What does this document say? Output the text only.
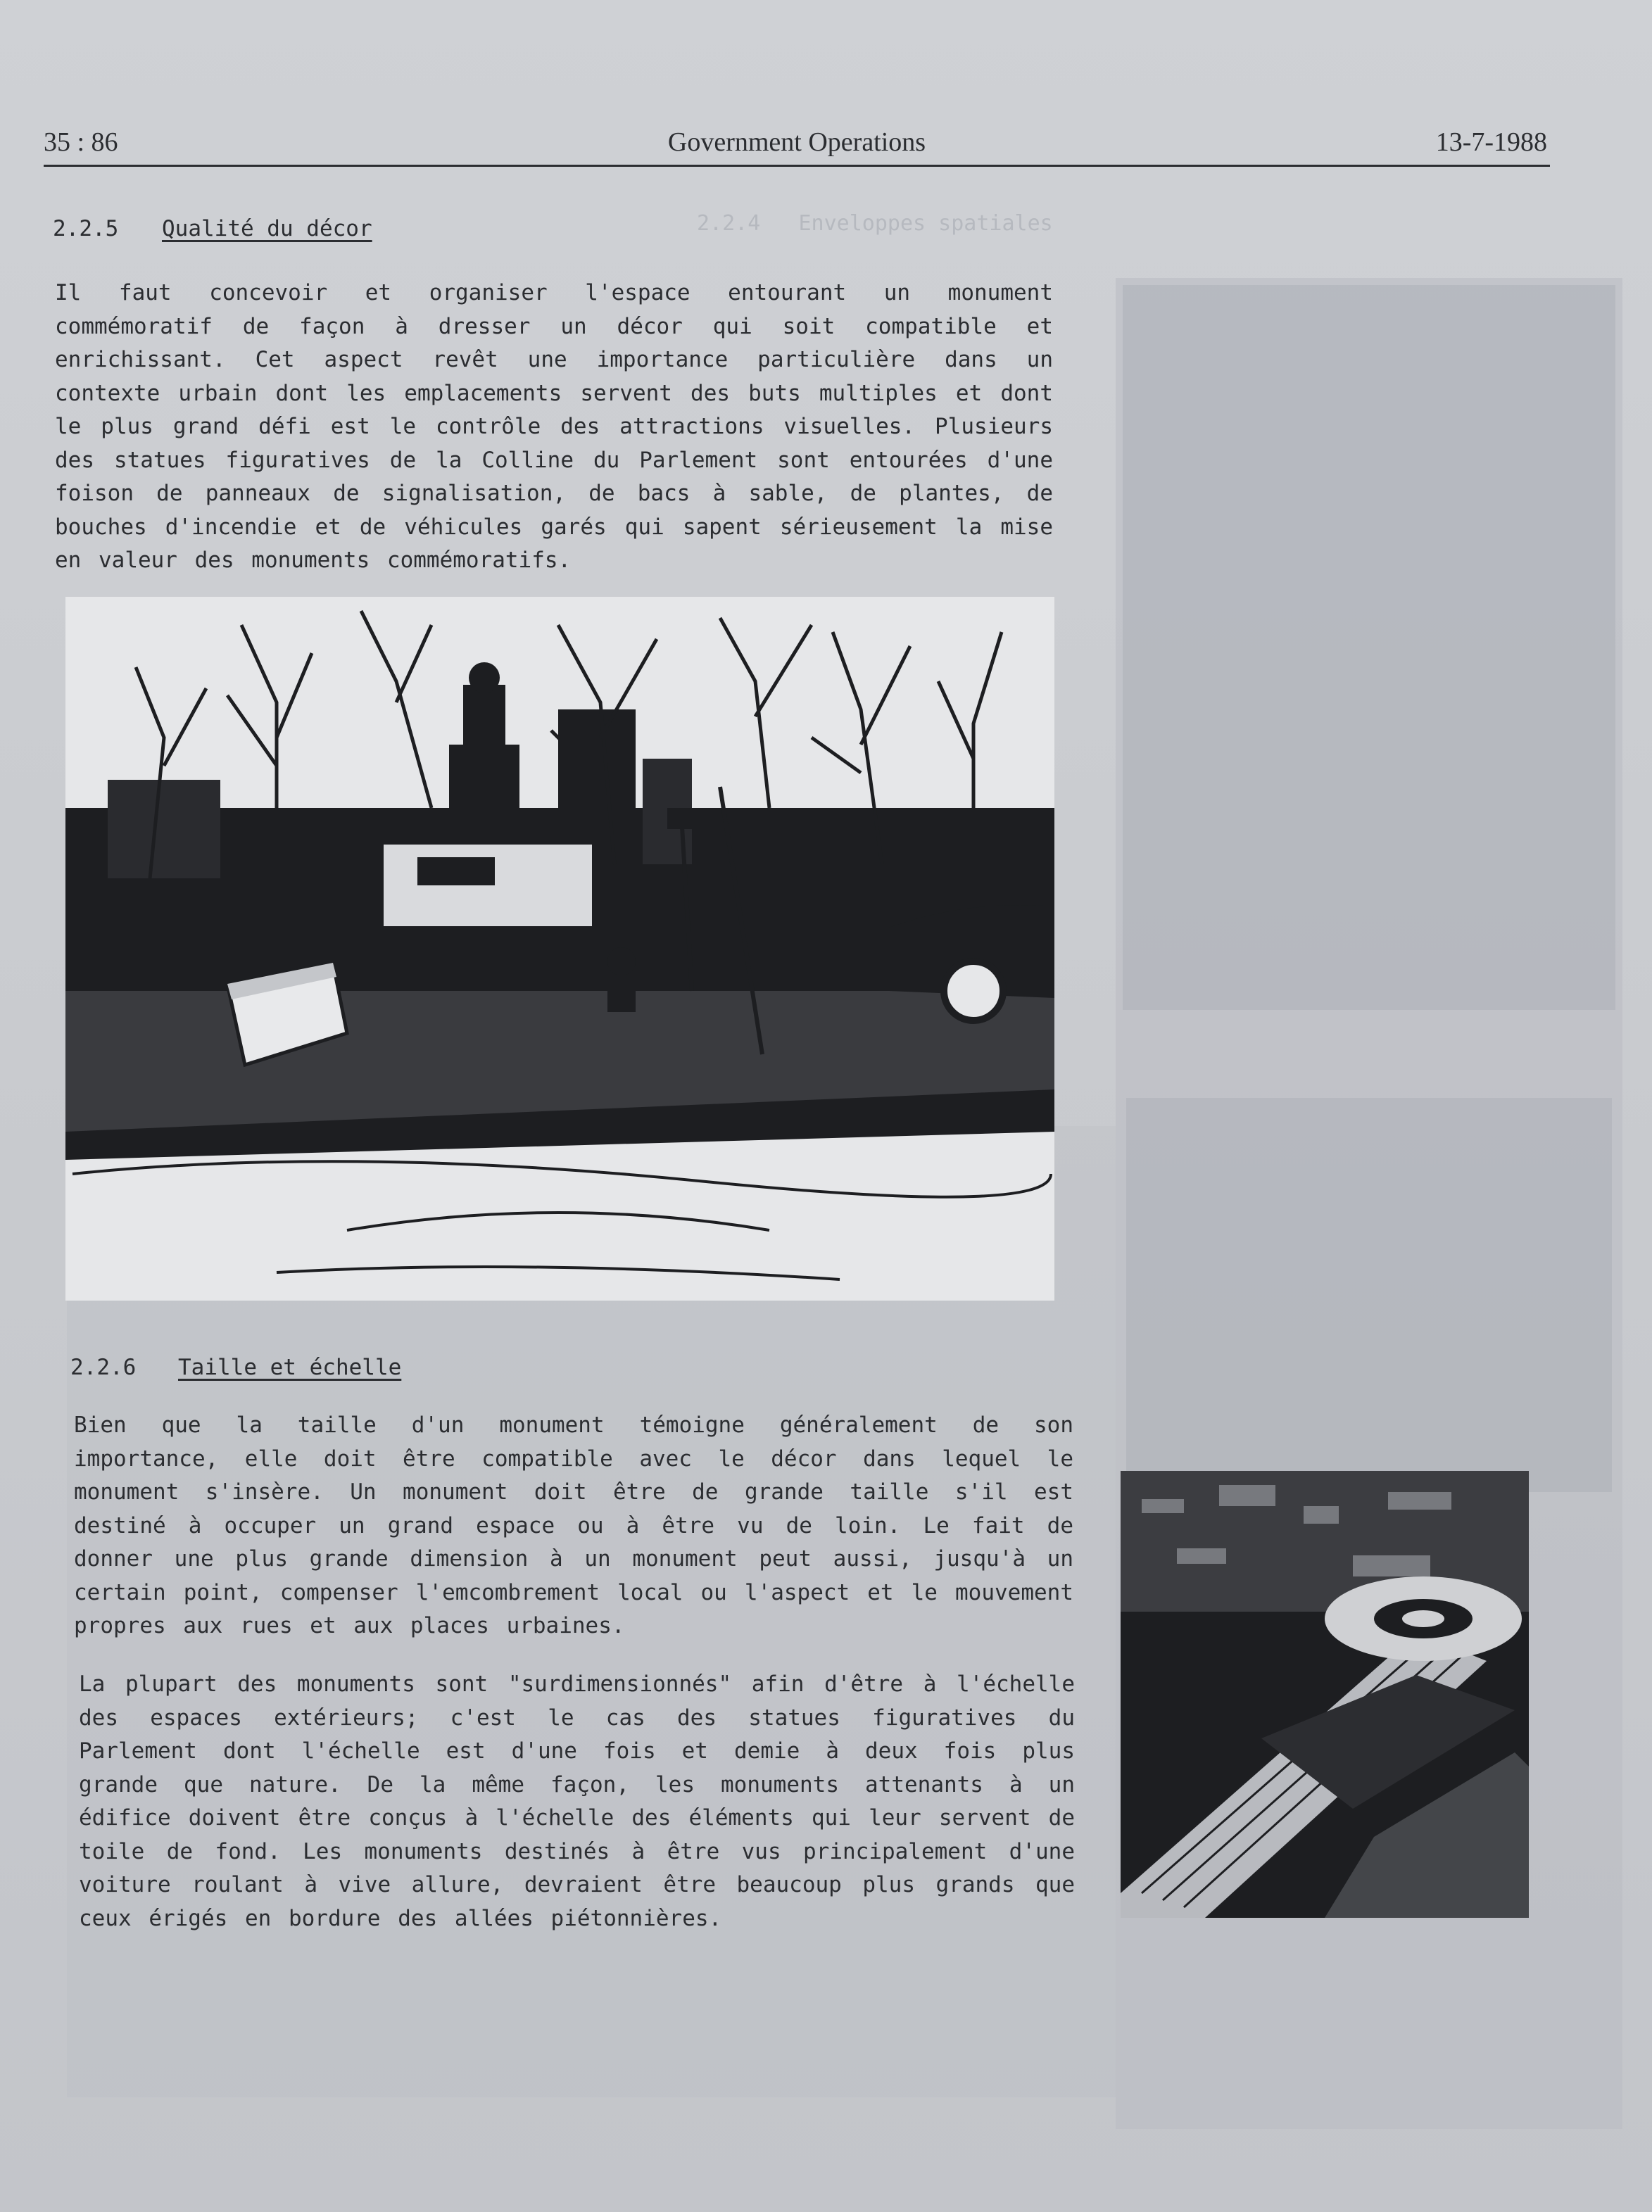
2.2.4   Enveloppes spatiales
35 : 86	Government Operations	13-7-1988
2.2.5 Qualité du décor

Il faut concevoir et organiser l'espace entourant un monument commémoratif de façon à dresser un décor qui soit compatible et enrichissant. Cet aspect revêt une importance particulière dans un contexte urbain dont les emplacements servent des buts multiples et dont le plus grand défi est le contrôle des attractions visuelles. Plusieurs des statues figuratives de la Colline du Parlement sont entourées d'une foison de panneaux de signalisation, de bacs à sable, de plantes, de bouches d'incendie et de véhicules garés qui sapent sérieusement la mise en valeur des monuments commémoratifs.

2.2.6 Taille et échelle

Bien que la taille d'un monument témoigne généralement de son importance, elle doit être compatible avec le décor dans lequel le monument s'insère. Un monument doit être de grande taille s'il est destiné à occuper un grand espace ou à être vu de loin. Le fait de donner une plus grande dimension à un monument peut aussi, jusqu'à un certain point, compenser l'emcombrement local ou l'aspect et le mouvement propres aux rues et aux places urbaines.

La plupart des monuments sont "surdimensionnés" afin d'être à l'échelle des espaces extérieurs; c'est le cas des statues figuratives du Parlement dont l'échelle est d'une fois et demie à deux fois plus grande que nature. De la même façon, les monuments attenants à un édifice doivent être conçus à l'échelle des éléments qui leur servent de toile de fond. Les monuments destinés à être vus principalement d'une voiture roulant à vive allure, devraient être beaucoup plus grands que ceux érigés en bordure des allées piétonnières.
